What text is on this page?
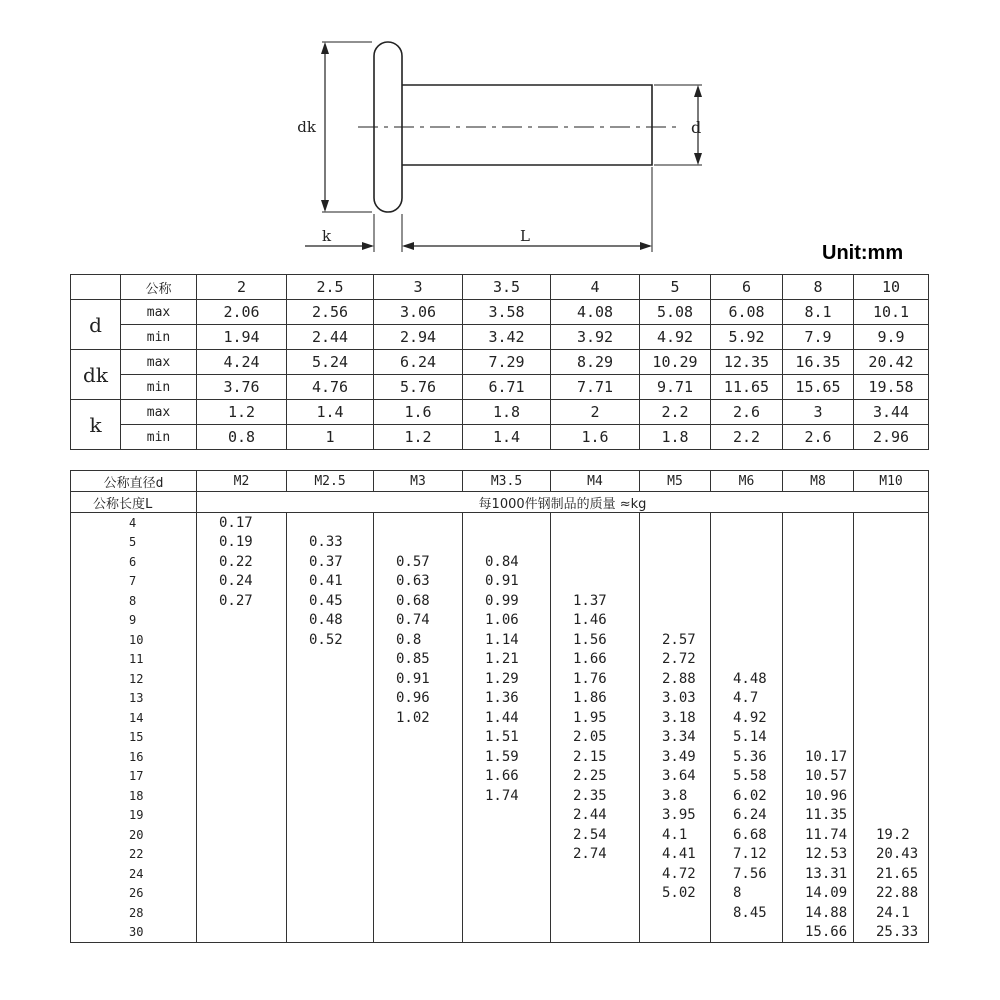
dk	d
k	L
Unit:mm
	公称	2	2.5	3	3.5	4	5	6	8	10
d	max	2.06	2.56	3.06	3.58	4.08	5.08	6.08	8.1	10.1
	min	1.94	2.44	2.94	3.42	3.92	4.92	5.92	7.9	9.9
dk	max	4.24	5.24	6.24	7.29	8.29	10.29	12.35	16.35	20.42
	min	3.76	4.76	5.76	6.71	7.71	9.71	11.65	15.65	19.58
k	max	1.2	1.4	1.6	1.8	2	2.2	2.6	3	3.44
	min	0.8	1	1.2	1.4	1.6	1.8	2.2	2.6	2.96
公称直径d	M2	M2.5	M3	M3.5	M4	M5	M6	M8	M10
公称长度L	每1000件钢制品的质量 ≈kg								
4	0.17								
5	0.19	0.33							
6	0.22	0.37	0.57	0.84					
7	0.24	0.41	0.63	0.91					
8	0.27	0.45	0.68	0.99	1.37				
9		0.48	0.74	1.06	1.46				
10		0.52	0.8	1.14	1.56	2.57			
11			0.85	1.21	1.66	2.72			
12			0.91	1.29	1.76	2.88	4.48		
13			0.96	1.36	1.86	3.03	4.7		
14			1.02	1.44	1.95	3.18	4.92		
15				1.51	2.05	3.34	5.14		
16				1.59	2.15	3.49	5.36	10.17	
17				1.66	2.25	3.64	5.58	10.57	
18				1.74	2.35	3.8	6.02	10.96	
19					2.44	3.95	6.24	11.35	
20					2.54	4.1	6.68	11.74	19.2
22					2.74	4.41	7.12	12.53	20.43
24						4.72	7.56	13.31	21.65
26						5.02	8	14.09	22.88
28							8.45	14.88	24.1
30								15.66	25.33
